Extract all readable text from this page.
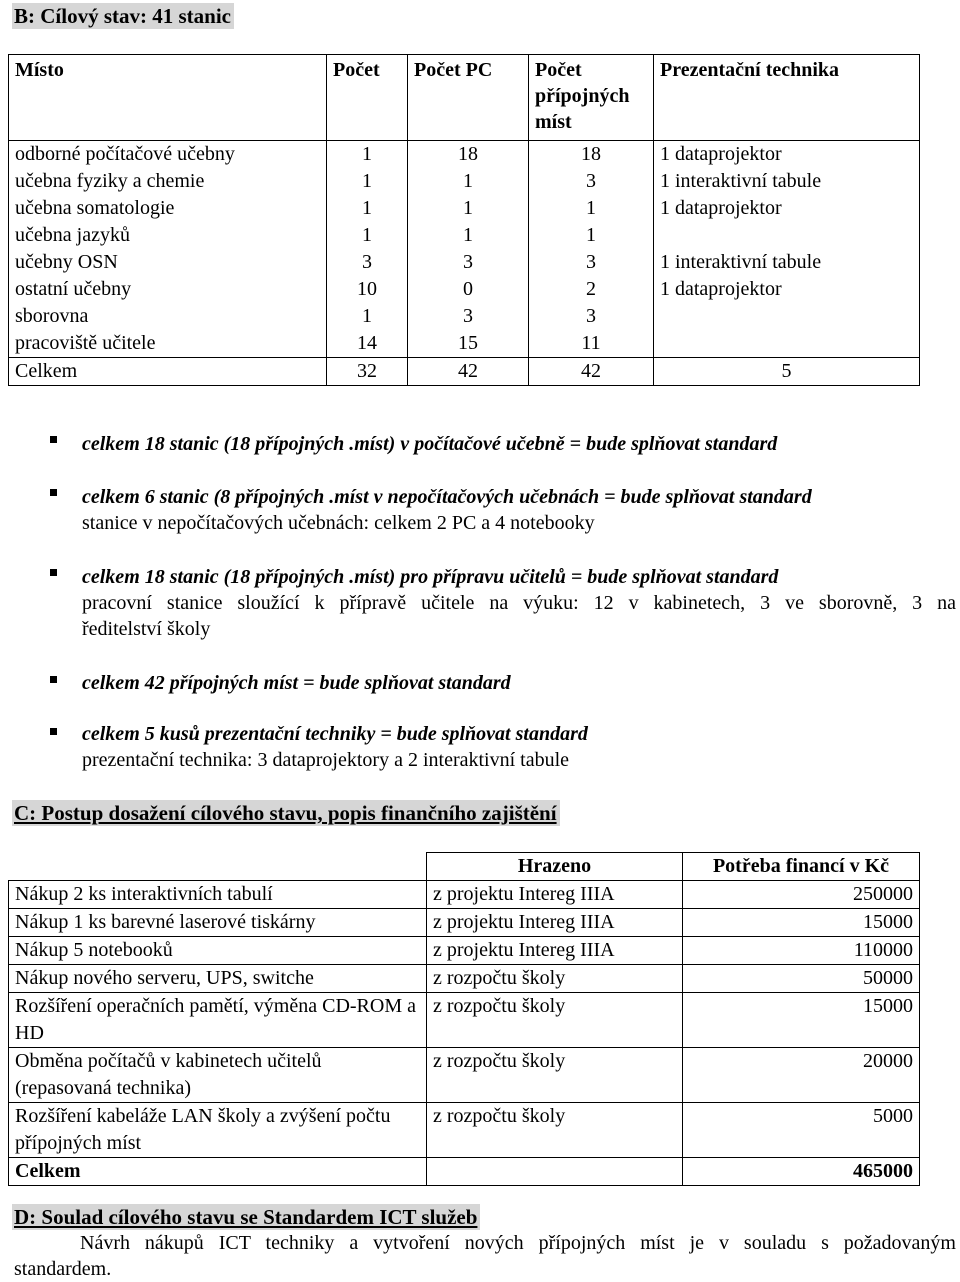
B: Cílový stav: 41 stanic
Místo	Počet	Počet PC	Počet přípojných míst	Prezentační technika
odborné počítačové učebny	1	18	18	1 dataprojektor
učebna fyziky a chemie	1	1	3	1 interaktivní tabule
učebna somatologie	1	1	1	1 dataprojektor
učebna jazyků	1	1	1	
učebny OSN	3	3	3	1 interaktivní tabule
ostatní učebny	10	0	2	1 dataprojektor
sborovna	1	3	3	
pracoviště učitele	14	15	11	
Celkem	32	42	42	5
celkem 18 stanic (18 přípojných .míst) v počítačové učebně = bude splňovat standard
celkem 6 stanic (8 přípojných .míst v nepočítačových učebnách = bude splňovat standard
stanice v nepočítačových učebnách: celkem 2 PC a 4 notebooky
celkem 18 stanic (18 přípojných .míst) pro přípravu učitelů = bude splňovat standard
pracovní stanice sloužící k přípravě učitele na výuku: 12 v kabinetech, 3 ve sborovně, 3 na
ředitelství školy
celkem 42 přípojných míst = bude splňovat standard
celkem 5 kusů prezentační techniky = bude splňovat standard
prezentační technika: 3 dataprojektory a 2 interaktivní tabule
C: Postup dosažení cílového stavu, popis finančního zajištění
	Hrazeno	Potřeba financí v Kč
Nákup 2 ks interaktivních tabulí	z projektu Intereg IIIA	250000
Nákup 1 ks barevné laserové tiskárny	z projektu Intereg IIIA	15000
Nákup 5 notebooků	z projektu Intereg IIIA	110000
Nákup nového serveru, UPS, switche	z rozpočtu školy	50000
Rozšíření operačních pamětí, výměna CD-ROM a HD	z rozpočtu školy	15000
Obměna počítačů v kabinetech učitelů (repasovaná technika)	z rozpočtu školy	20000
Rozšíření kabeláže LAN školy a zvýšení počtu přípojných míst	z rozpočtu školy	5000
Celkem		465000
D: Soulad cílového stavu se Standardem ICT služeb
Návrh nákupů ICT techniky a vytvoření nových přípojných míst je v souladu s požadovaným
standardem.
